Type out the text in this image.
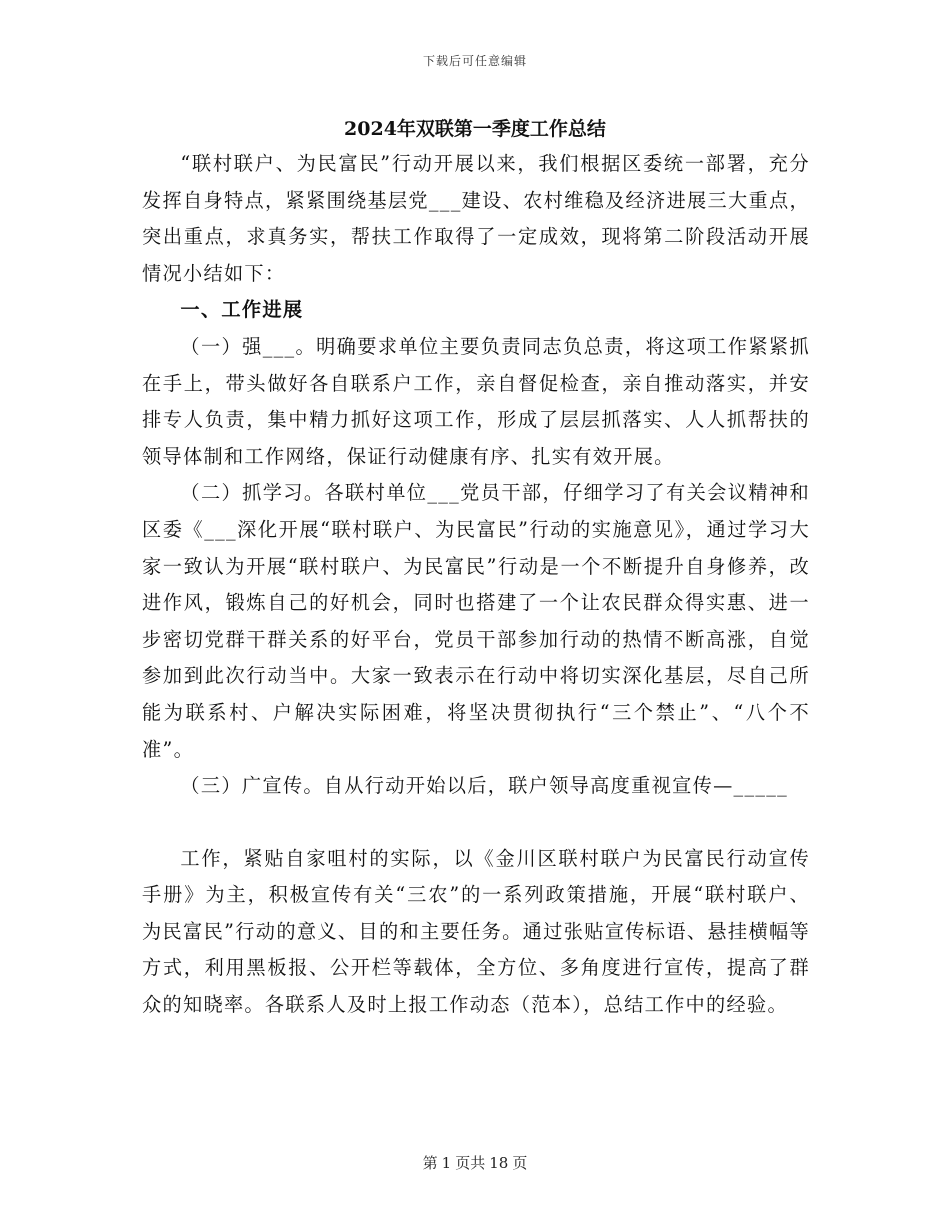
下载后可任意编辑
2024年双联第一季度工作总结

“联村联户、为民富民”行动开展以来，我们根据区委统一部署，充分发挥自身特点，紧紧围绕基层党___建设、农村维稳及经济进展三大重点，突出重点，求真务实，帮扶工作取得了一定成效，现将第二阶段活动开展情况小结如下：

一、工作进展

（一）强___。明确要求单位主要负责同志负总责，将这项工作紧紧抓在手上，带头做好各自联系户工作，亲自督促检查，亲自推动落实，并安排专人负责，集中精力抓好这项工作，形成了层层抓落实、人人抓帮扶的领导体制和工作网络，保证行动健康有序、扎实有效开展。

（二）抓学习。各联村单位___党员干部，仔细学习了有关会议精神和区委《___深化开展“联村联户、为民富民”行动的实施意见》，通过学习大家一致认为开展“联村联户、为民富民”行动是一个不断提升自身修养，改进作风，锻炼自己的好机会，同时也搭建了一个让农民群众得实惠、进一步密切党群干群关系的好平台，党员干部参加行动的热情不断高涨，自觉参加到此次行动当中。大家一致表示在行动中将切实深化基层，尽自己所能为联系村、户解决实际困难，将坚决贯彻执行“三个禁止”、“八个不准”。

（三）广宣传。自从行动开始以后，联户领导高度重视宣传—_____

工作，紧贴自家咀村的实际，以《金川区联村联户为民富民行动宣传手册》为主，积极宣传有关“三农”的一系列政策措施，开展“联村联户、为民富民”行动的意义、目的和主要任务。通过张贴宣传标语、悬挂横幅等方式，利用黑板报、公开栏等载体，全方位、多角度进行宣传，提高了群众的知晓率。各联系人及时上报工作动态（范本），总结工作中的经验。

第 1 页共 18 页
